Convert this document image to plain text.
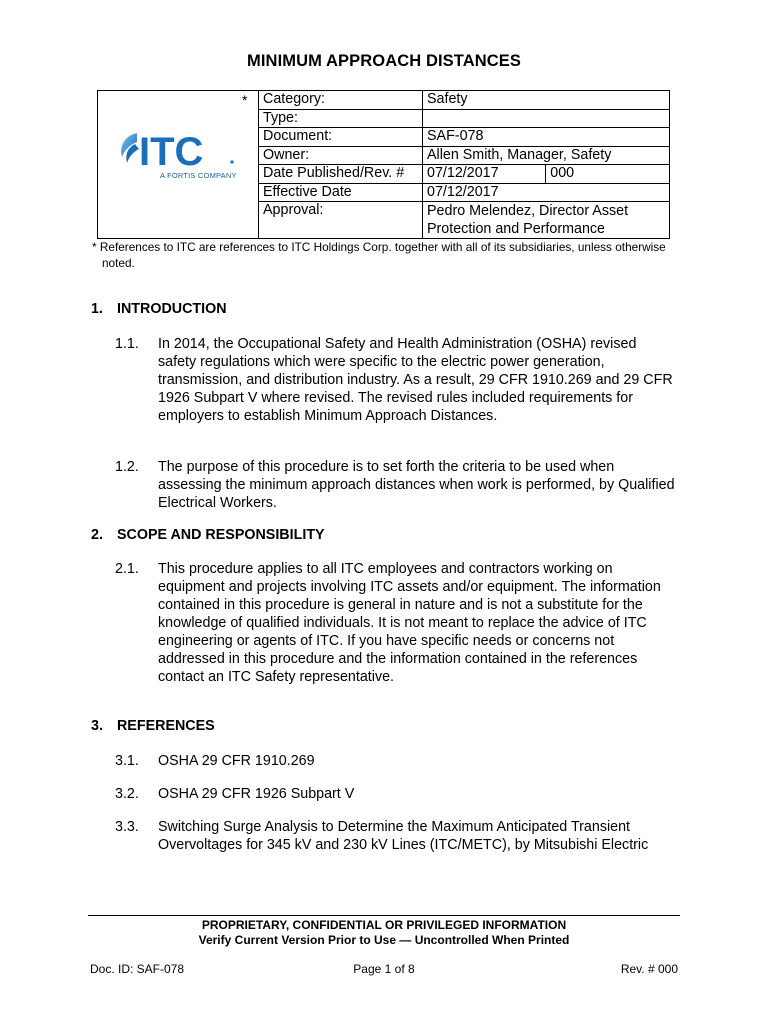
MINIMUM APPROACH DISTANCES
*
ITC
A FORTIS COMPANY
Category:	Safety	
Type:		
Document:	SAF-078	
Owner:	Allen Smith, Manager, Safety	
Date Published/Rev. #	07/12/2017	000
Effective Date	07/12/2017	
Approval:	Pedro Melendez, Director Asset Protection and Performance	
* References to ITC are references to ITC Holdings Corp. together with all of its subsidiaries, unless otherwise
noted.
1. INTRODUCTION
1.1. In 2014, the Occupational Safety and Health Administration (OSHA) revised safety regulations which were specific to the electric power generation, transmission, and distribution industry. As a result, 29 CFR 1910.269 and 29 CFR 1926 Subpart V where revised. The revised rules included requirements for employers to establish Minimum Approach Distances.
1.2. The purpose of this procedure is to set forth the criteria to be used when assessing the minimum approach distances when work is performed, by Qualified Electrical Workers.
2. SCOPE AND RESPONSIBILITY
2.1. This procedure applies to all ITC employees and contractors working on equipment and projects involving ITC assets and/or equipment. The information contained in this procedure is general in nature and is not a substitute for the knowledge of qualified individuals. It is not meant to replace the advice of ITC engineering or agents of ITC. If you have specific needs or concerns not addressed in this procedure and the information contained in the references contact an ITC Safety representative.
3. REFERENCES
3.1. OSHA 29 CFR 1910.269
3.2. OSHA 29 CFR 1926 Subpart V
3.3. Switching Surge Analysis to Determine the Maximum Anticipated Transient Overvoltages for 345 kV and 230 kV Lines (ITC/METC), by Mitsubishi Electric
PROPRIETARY, CONFIDENTIAL OR PRIVILEGED INFORMATION
Verify Current Version Prior to Use — Uncontrolled When Printed
Doc. ID: SAF-078	Page 1 of 8	Rev. # 000
